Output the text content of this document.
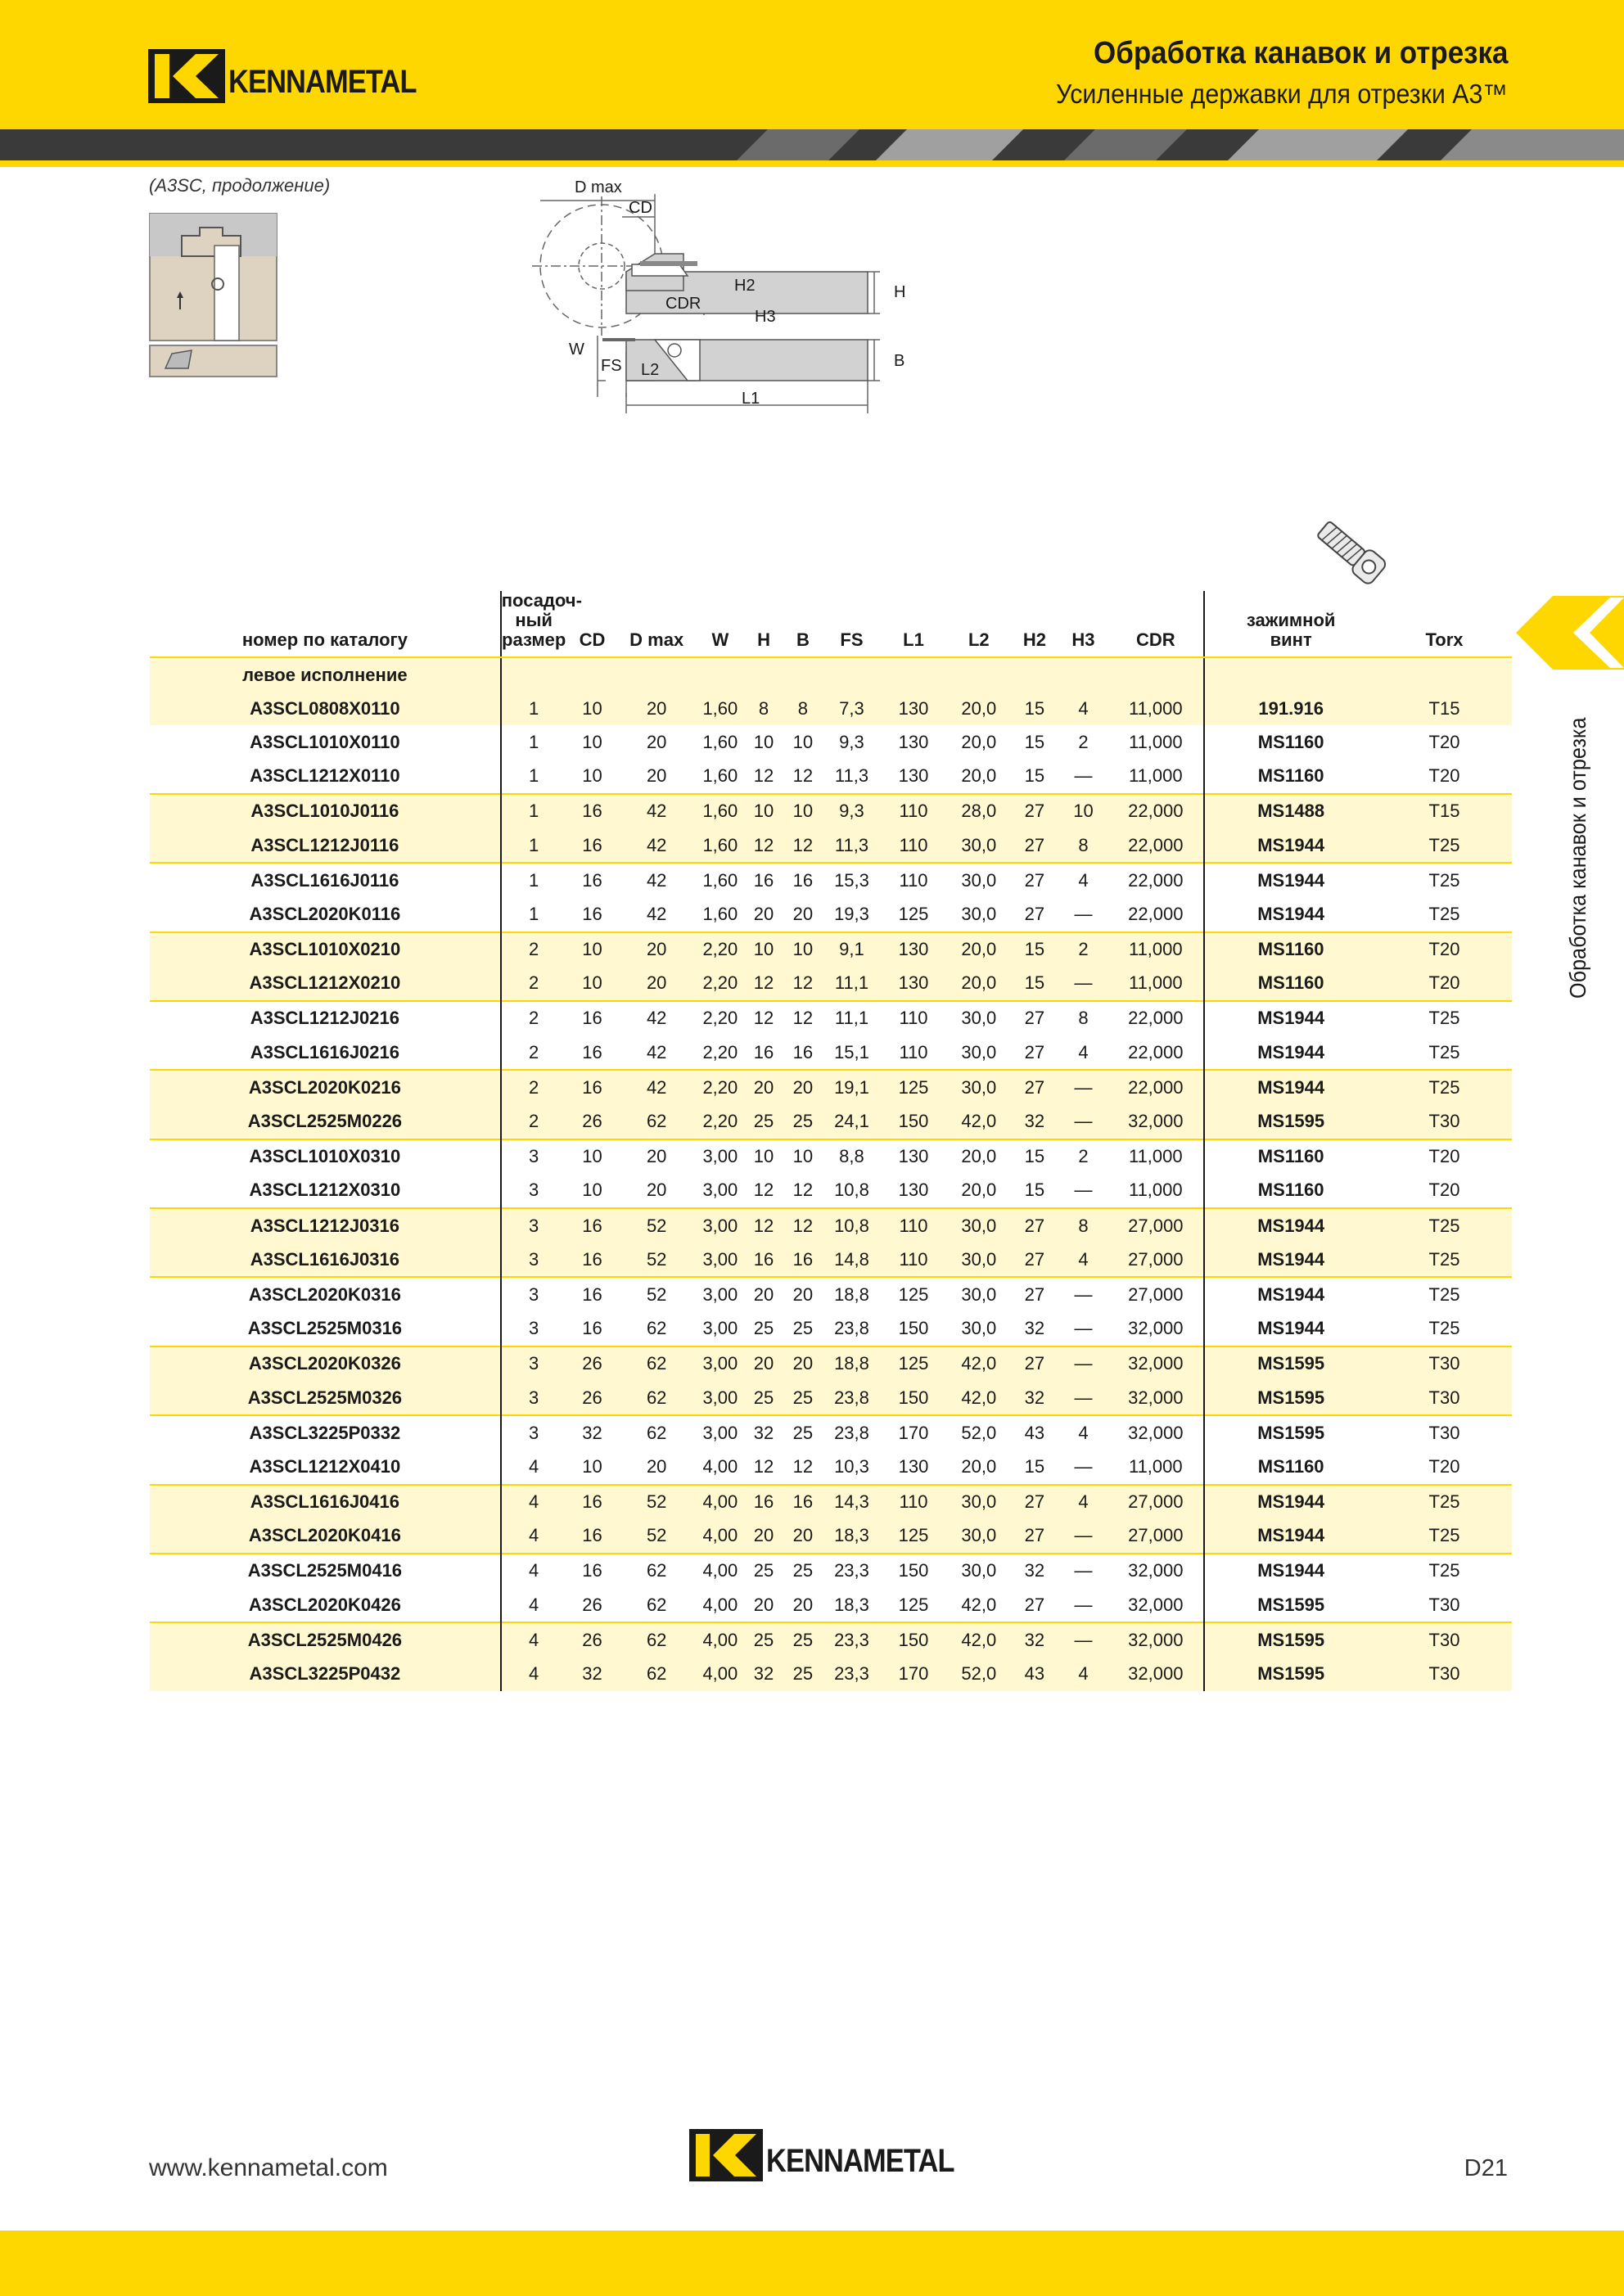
KENNAMETAL
Обработка канавок и отрезка
Усиленные державки для отрезки A3™
(A3SC, продолжение)	D max
CD
H2
CDR
H3
H
W
FS L2	B
L1
Обработка канавок и отрезка
номер по каталогу	посадоч-
ный
размер	CD	D max	W	H	B	FS	L1	L2	H2	H3	CDR	зажимной
винт	Torx
левое исполнение														
A3SCL0808X0110	1	10	20	1,60	8	8	7,3	130	20,0	15	4	11,000	191.916	T15
A3SCL1010X0110	1	10	20	1,60	10	10	9,3	130	20,0	15	2	11,000	MS1160	T20
A3SCL1212X0110	1	10	20	1,60	12	12	11,3	130	20,0	15	—	11,000	MS1160	T20
A3SCL1010J0116	1	16	42	1,60	10	10	9,3	110	28,0	27	10	22,000	MS1488	T15
A3SCL1212J0116	1	16	42	1,60	12	12	11,3	110	30,0	27	8	22,000	MS1944	T25
A3SCL1616J0116	1	16	42	1,60	16	16	15,3	110	30,0	27	4	22,000	MS1944	T25
A3SCL2020K0116	1	16	42	1,60	20	20	19,3	125	30,0	27	—	22,000	MS1944	T25
A3SCL1010X0210	2	10	20	2,20	10	10	9,1	130	20,0	15	2	11,000	MS1160	T20
A3SCL1212X0210	2	10	20	2,20	12	12	11,1	130	20,0	15	—	11,000	MS1160	T20
A3SCL1212J0216	2	16	42	2,20	12	12	11,1	110	30,0	27	8	22,000	MS1944	T25
A3SCL1616J0216	2	16	42	2,20	16	16	15,1	110	30,0	27	4	22,000	MS1944	T25
A3SCL2020K0216	2	16	42	2,20	20	20	19,1	125	30,0	27	—	22,000	MS1944	T25
A3SCL2525M0226	2	26	62	2,20	25	25	24,1	150	42,0	32	—	32,000	MS1595	T30
A3SCL1010X0310	3	10	20	3,00	10	10	8,8	130	20,0	15	2	11,000	MS1160	T20
A3SCL1212X0310	3	10	20	3,00	12	12	10,8	130	20,0	15	—	11,000	MS1160	T20
A3SCL1212J0316	3	16	52	3,00	12	12	10,8	110	30,0	27	8	27,000	MS1944	T25
A3SCL1616J0316	3	16	52	3,00	16	16	14,8	110	30,0	27	4	27,000	MS1944	T25
A3SCL2020K0316	3	16	52	3,00	20	20	18,8	125	30,0	27	—	27,000	MS1944	T25
A3SCL2525M0316	3	16	62	3,00	25	25	23,8	150	30,0	32	—	32,000	MS1944	T25
A3SCL2020K0326	3	26	62	3,00	20	20	18,8	125	42,0	27	—	32,000	MS1595	T30
A3SCL2525M0326	3	26	62	3,00	25	25	23,8	150	42,0	32	—	32,000	MS1595	T30
A3SCL3225P0332	3	32	62	3,00	32	25	23,8	170	52,0	43	4	32,000	MS1595	T30
A3SCL1212X0410	4	10	20	4,00	12	12	10,3	130	20,0	15	—	11,000	MS1160	T20
A3SCL1616J0416	4	16	52	4,00	16	16	14,3	110	30,0	27	4	27,000	MS1944	T25
A3SCL2020K0416	4	16	52	4,00	20	20	18,3	125	30,0	27	—	27,000	MS1944	T25
A3SCL2525M0416	4	16	62	4,00	25	25	23,3	150	30,0	32	—	32,000	MS1944	T25
A3SCL2020K0426	4	26	62	4,00	20	20	18,3	125	42,0	27	—	32,000	MS1595	T30
A3SCL2525M0426	4	26	62	4,00	25	25	23,3	150	42,0	32	—	32,000	MS1595	T30
A3SCL3225P0432	4	32	62	4,00	32	25	23,3	170	52,0	43	4	32,000	MS1595	T30
www.kennametal.com	KENNAMETAL	D21
